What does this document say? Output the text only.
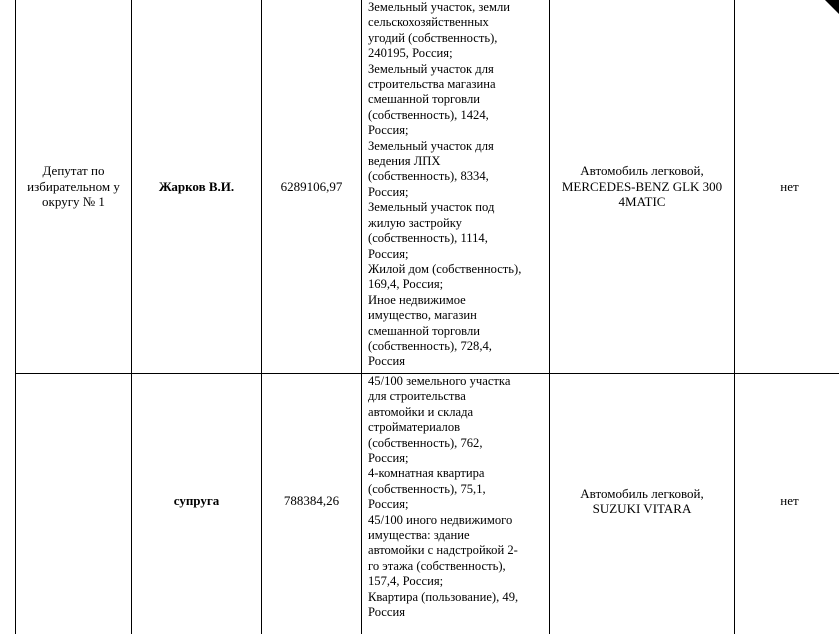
Депутат по избирательном у округу № 1
Жарков В.И.	6289106,97
Земельный участок, земли
сельскохозяйственных
угодий (собственность),
240195, Россия;
Земельный участок для
строительства магазина
смешанной торговли
(собственность), 1424,
Россия;
Земельный участок для
ведения ЛПХ
(собственность), 8334,
Россия;
Земельный участок под
жилую застройку
(собственность), 1114,
Россия;
Жилой дом (собственность),
169,4, Россия;
Иное недвижимое
имущество, магазин
смешанной торговли
(собственность), 728,4,
Россия
Автомобиль легковой, MERCEDES-BENZ GLK 300 4MATIC
нет
супруга	788384,26
45/100 земельного участка
для строительства
автомойки и склада
стройматериалов
(собственность), 762,
Россия;
4-комнатная квартира
(собственность), 75,1,
Россия;
45/100 иного недвижимого
имущества: здание
автомойки с надстройкой 2-
го этажа (собственность),
157,4, Россия;
Квартира (пользование), 49,
Россия
Автомобиль легковой, SUZUKI VITARA
нет
